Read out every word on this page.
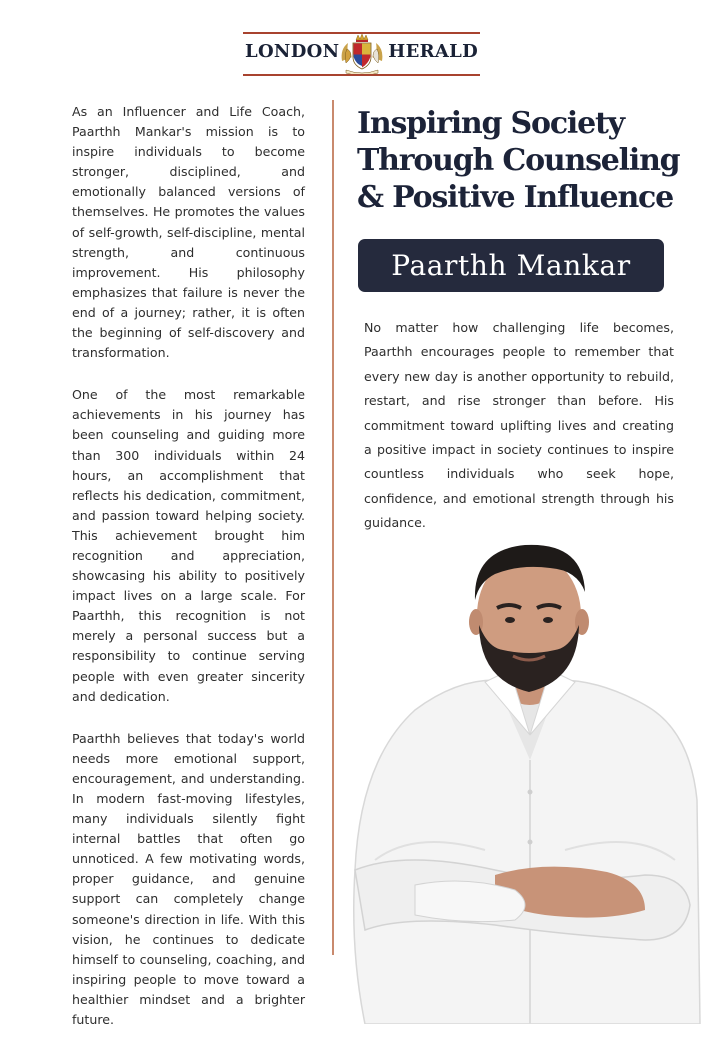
LONDON	HERALD

As an Influencer and Life Coach, Paarthh Mankar's mission is to inspire individuals to become stronger, disciplined, and emotionally balanced versions of themselves. He promotes the values of self-growth, self-discipline, mental strength, and continuous improvement. His philosophy emphasizes that failure is never the end of a journey; rather, it is often the beginning of self-discovery and transformation.

One of the most remarkable achievements in his journey has been counseling and guiding more than 300 individuals within 24 hours, an accomplishment that reflects his dedication, commitment, and passion toward helping society. This achievement brought him recognition and appreciation, showcasing his ability to positively impact lives on a large scale. For Paarthh, this recognition is not merely a personal success but a responsibility to continue serving people with even greater sincerity and dedication.

Paarthh believes that today's world needs more emotional support, encouragement, and understanding. In modern fast-moving lifestyles, many individuals silently fight internal battles that often go unnoticed. A few motivating words, proper guidance, and genuine support can completely change someone's direction in life. With this vision, he continues to dedicate himself to counseling, coaching, and inspiring people to move toward a healthier mindset and a brighter future.

Inspiring Society
Through Counseling
& Positive Influence
Paarthh Mankar

No matter how challenging life becomes, Paarthh encourages people to remember that every new day is another opportunity to rebuild, restart, and rise stronger than before. His commitment toward uplifting lives and creating a positive impact in society continues to inspire countless individuals who seek hope, confidence, and emotional strength through his guidance.
